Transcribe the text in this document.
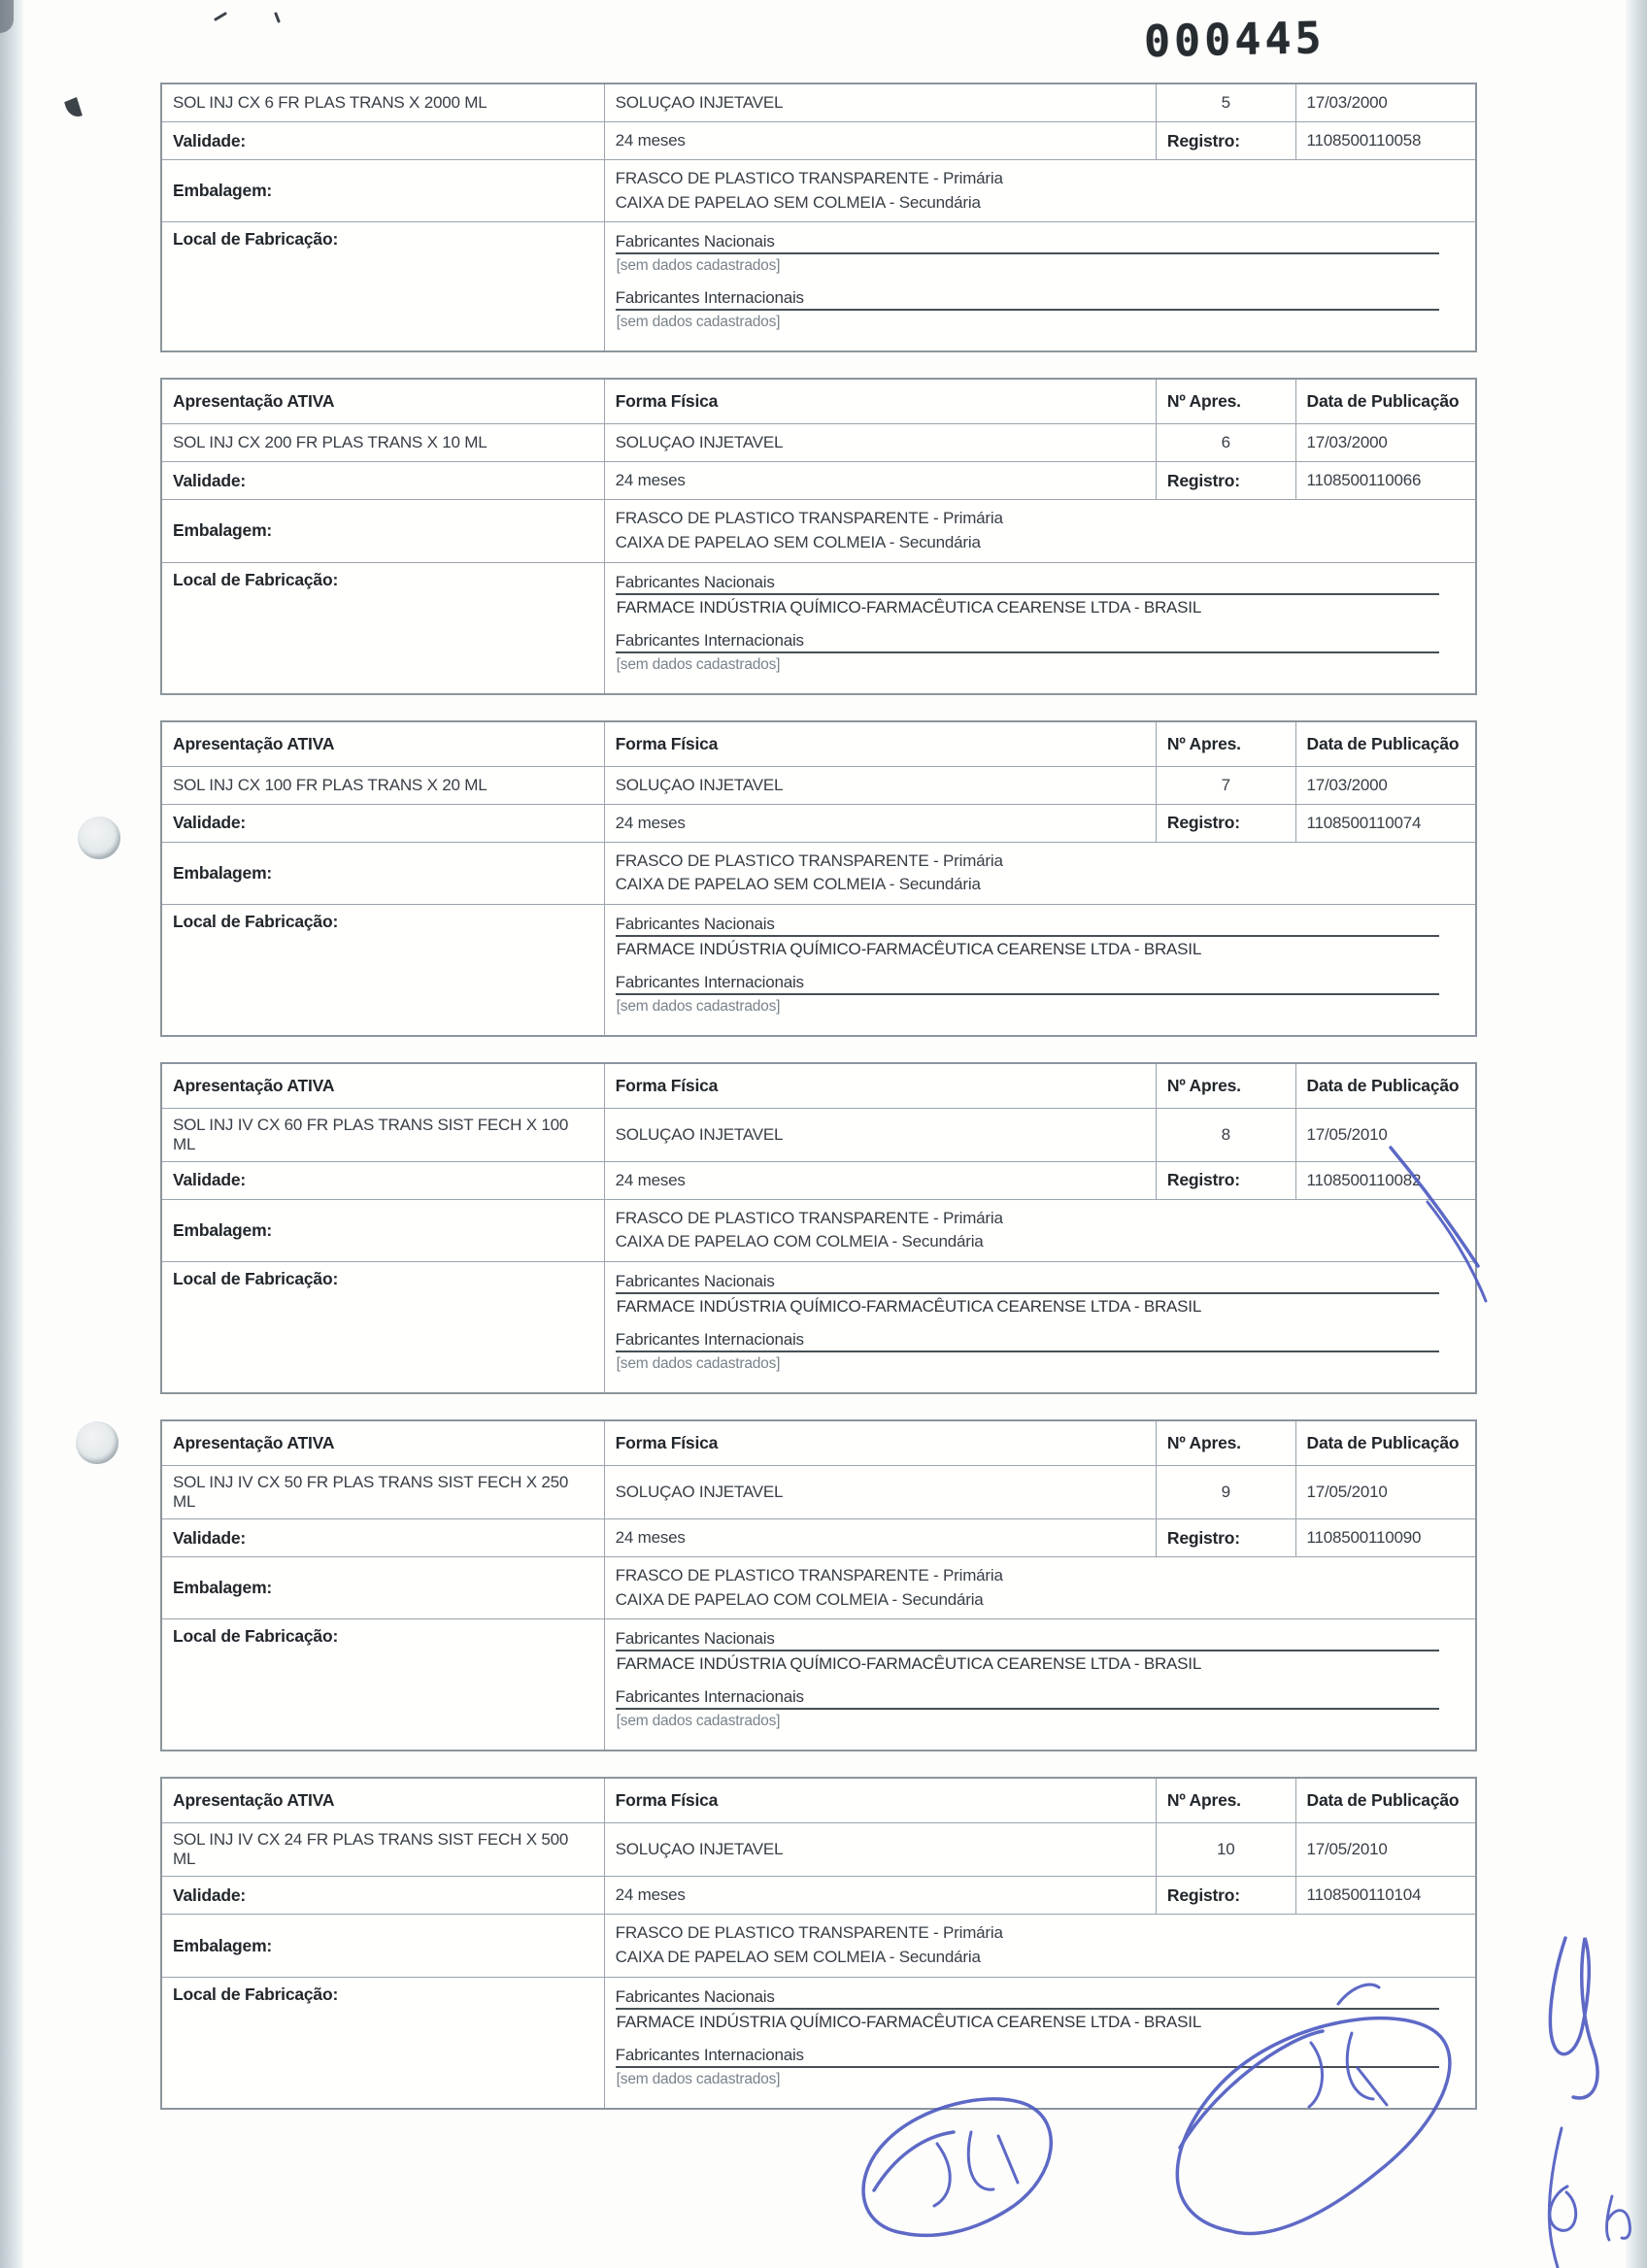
000445
SOL INJ CX 6 FR PLAS TRANS X 2000 ML	SOLUÇAO INJETAVEL	5	17/03/2000
Validade:	24 meses	Registro:	1108500110058
Embalagem:
FRASCO DE PLASTICO TRANSPARENTE - Primária
CAIXA DE PAPELAO SEM COLMEIA - Secundária
Local de Fabricação:	Fabricantes Nacionais
[sem dados cadastrados]
Fabricantes Internacionais
[sem dados cadastrados]
Apresentação ATIVA	Forma Física	Nº Apres.	Data de Publicação
SOL INJ CX 200 FR PLAS TRANS X 10 ML	SOLUÇAO INJETAVEL	6	17/03/2000
Validade:	24 meses	Registro:	1108500110066
Embalagem:
FRASCO DE PLASTICO TRANSPARENTE - Primária
CAIXA DE PAPELAO SEM COLMEIA - Secundária
Local de Fabricação:	Fabricantes Nacionais
FARMACE INDÚSTRIA QUÍMICO-FARMACÊUTICA CEARENSE LTDA - BRASIL
Fabricantes Internacionais
[sem dados cadastrados]
Apresentação ATIVA	Forma Física	Nº Apres.	Data de Publicação
SOL INJ CX 100 FR PLAS TRANS X 20 ML	SOLUÇAO INJETAVEL	7	17/03/2000
Validade:	24 meses	Registro:	1108500110074
Embalagem:
FRASCO DE PLASTICO TRANSPARENTE - Primária
CAIXA DE PAPELAO SEM COLMEIA - Secundária
Local de Fabricação:	Fabricantes Nacionais
FARMACE INDÚSTRIA QUÍMICO-FARMACÊUTICA CEARENSE LTDA - BRASIL
Fabricantes Internacionais
[sem dados cadastrados]
Apresentação ATIVA	Forma Física	Nº Apres.	Data de Publicação
SOL INJ IV CX 60 FR PLAS TRANS SIST FECH X 100 ML
SOLUÇAO INJETAVEL	8	17/05/2010
Validade:	24 meses	Registro:	1108500110082
Embalagem:
FRASCO DE PLASTICO TRANSPARENTE - Primária
CAIXA DE PAPELAO COM COLMEIA - Secundária
Local de Fabricação:	Fabricantes Nacionais
FARMACE INDÚSTRIA QUÍMICO-FARMACÊUTICA CEARENSE LTDA - BRASIL
Fabricantes Internacionais
[sem dados cadastrados]
Apresentação ATIVA	Forma Física	Nº Apres.	Data de Publicação
SOL INJ IV CX 50 FR PLAS TRANS SIST FECH X 250 ML
SOLUÇAO INJETAVEL	9	17/05/2010
Validade:	24 meses	Registro:	1108500110090
Embalagem:
FRASCO DE PLASTICO TRANSPARENTE - Primária
CAIXA DE PAPELAO COM COLMEIA - Secundária
Local de Fabricação:	Fabricantes Nacionais
FARMACE INDÚSTRIA QUÍMICO-FARMACÊUTICA CEARENSE LTDA - BRASIL
Fabricantes Internacionais
[sem dados cadastrados]
Apresentação ATIVA	Forma Física	Nº Apres.	Data de Publicação
SOL INJ IV CX 24 FR PLAS TRANS SIST FECH X 500 ML
SOLUÇAO INJETAVEL	10	17/05/2010
Validade:	24 meses	Registro:	1108500110104
Embalagem:
FRASCO DE PLASTICO TRANSPARENTE - Primária
CAIXA DE PAPELAO SEM COLMEIA - Secundária
Local de Fabricação:	Fabricantes Nacionais
FARMACE INDÚSTRIA QUÍMICO-FARMACÊUTICA CEARENSE LTDA - BRASIL
Fabricantes Internacionais
[sem dados cadastrados]
